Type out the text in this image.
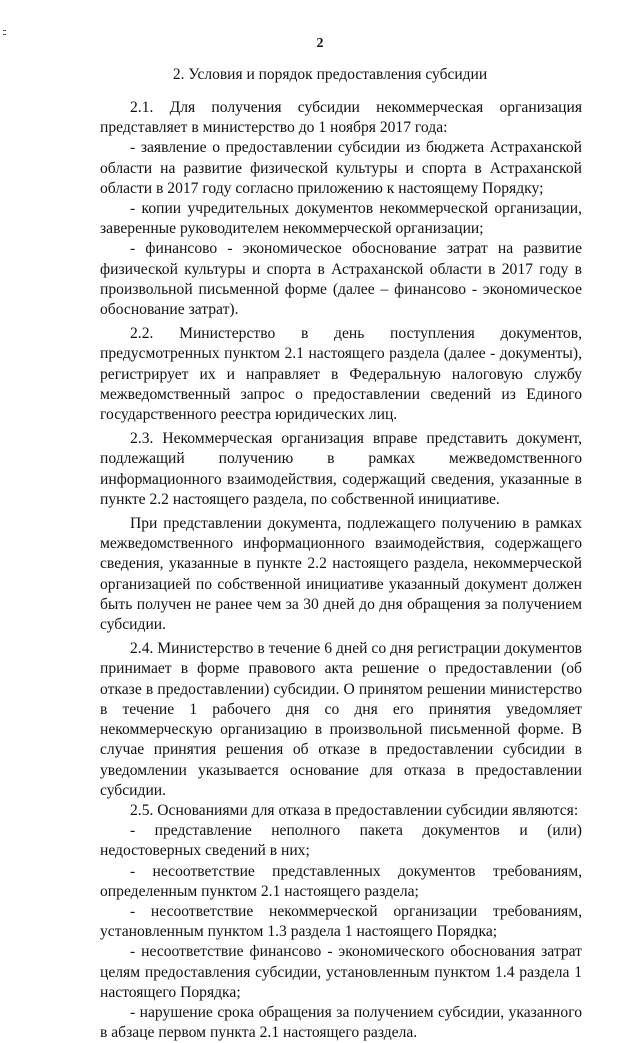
2
2. Условия и порядок предоставления субсидии

2.1. Для получения субсидии некоммерческая организация представляет в министерство до 1 ноября 2017 года:

- заявление о предоставлении субсидии из бюджета Астраханской области на развитие физической культуры и спорта в Астраханской области в 2017 году согласно приложению к настоящему Порядку;

- копии учредительных документов некоммерческой организации, заверенные руководителем некоммерческой организации;

- финансово - экономическое обоснование затрат на развитие физической культуры и спорта в Астраханской области в 2017 году в произвольной письменной форме (далее – финансово - экономическое обоснование затрат).

2.2. Министерство в день поступления документов, предусмотренных пунктом 2.1 настоящего раздела (далее - документы), регистрирует их и направляет в Федеральную налоговую службу межведомственный запрос о предоставлении сведений из Единого государственного реестра юридических лиц.

2.3. Некоммерческая организация вправе представить документ, подлежащий получению в рамках межведомственного информационного взаимодействия, содержащий сведения, указанные в пункте 2.2 настоящего раздела, по собственной инициативе.

При представлении документа, подлежащего получению в рамках межведомственного информационного взаимодействия, содержащего сведения, указанные в пункте 2.2 настоящего раздела, некоммерческой организацией по собственной инициативе указанный документ должен быть получен не ранее чем за 30 дней до дня обращения за получением субсидии.

2.4. Министерство в течение 6 дней со дня регистрации документов принимает в форме правового акта решение о предоставлении (об отказе в предоставлении) субсидии. О принятом решении министерство в течение 1 рабочего дня со дня его принятия уведомляет некоммерческую организацию в произвольной письменной форме. В случае принятия решения об отказе в предоставлении субсидии в уведомлении указывается основание для отказа в предоставлении субсидии.

2.5. Основаниями для отказа в предоставлении субсидии являются:

- представление неполного пакета документов и (или) недостоверных сведений в них;

- несоответствие представленных документов требованиям, определенным пунктом 2.1 настоящего раздела;

- несоответствие некоммерческой организации требованиям, установленным пунктом 1.3 раздела 1 настоящего Порядка;

- несоответствие финансово - экономического обоснования затрат целям предоставления субсидии, установленным пунктом 1.4 раздела 1 настоящего Порядка;

- нарушение срока обращения за получением субсидии, указанного в абзаце первом пункта 2.1 настоящего раздела.
